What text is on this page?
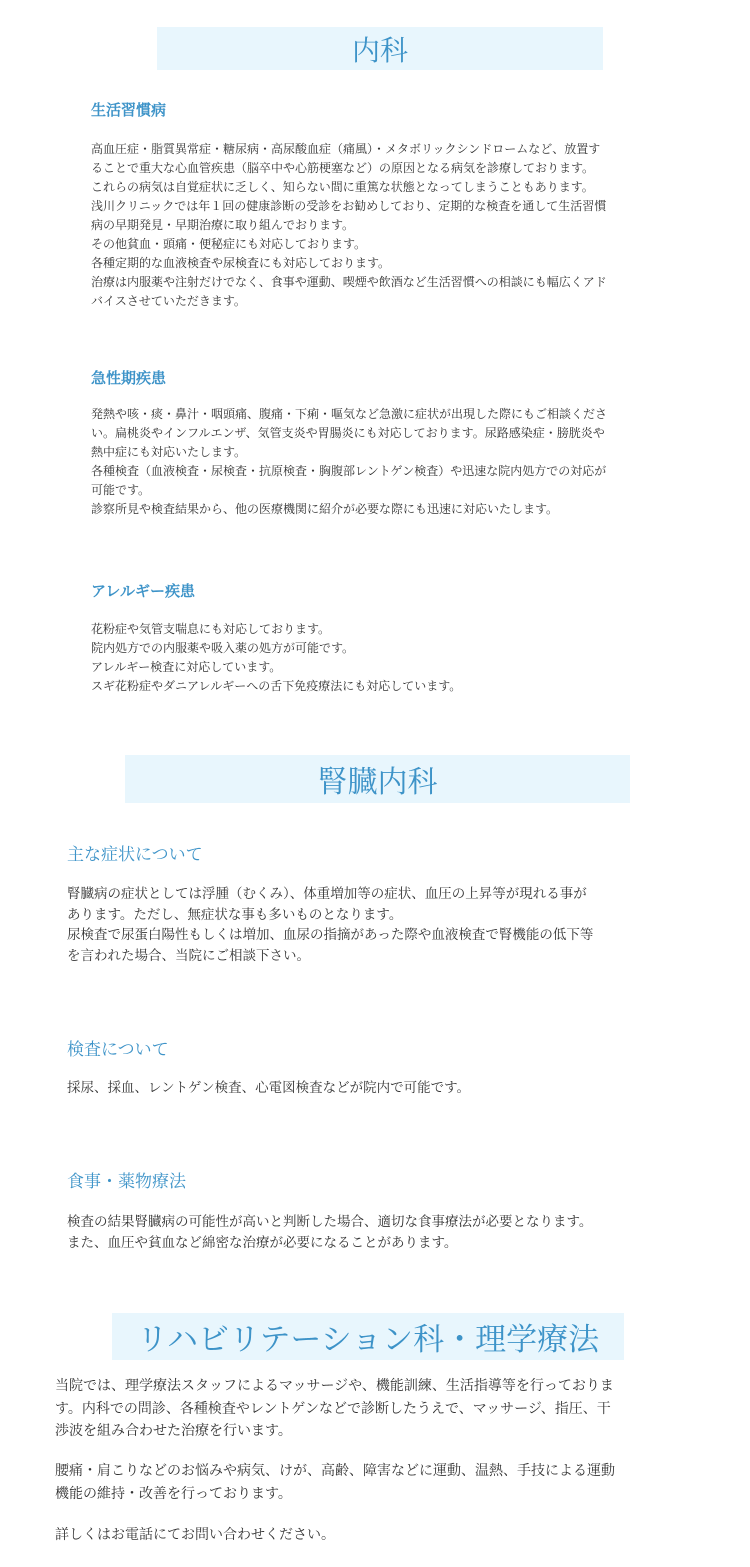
内科
生活習慣病

高血圧症・脂質異常症・糖尿病・高尿酸血症（痛風）・メタボリックシンドロームなど、放置す
ることで重大な心血管疾患（脳卒中や心筋梗塞など）の原因となる病気を診療しております。
これらの病気は自覚症状に乏しく、知らない間に重篤な状態となってしまうこともあります。
浅川クリニックでは年１回の健康診断の受診をお勧めしており、定期的な検査を通して生活習慣
病の早期発見・早期治療に取り組んでおります。
その他貧血・頭痛・便秘症にも対応しております。
各種定期的な血液検査や尿検査にも対応しております。
治療は内服薬や注射だけでなく、食事や運動、喫煙や飲酒など生活習慣への相談にも幅広くアド
バイスさせていただきます。

急性期疾患

発熱や咳・痰・鼻汁・咽頭痛、腹痛・下痢・嘔気など急激に症状が出現した際にもご相談くださ
い。扁桃炎やインフルエンザ、気管支炎や胃腸炎にも対応しております。尿路感染症・膀胱炎や
熱中症にも対応いたします。
各種検査（血液検査・尿検査・抗原検査・胸腹部レントゲン検査）や迅速な院内処方での対応が
可能です。
診察所見や検査結果から、他の医療機関に紹介が必要な際にも迅速に対応いたします。

アレルギー疾患

花粉症や気管支喘息にも対応しております。
院内処方での内服薬や吸入薬の処方が可能です。
アレルギー検査に対応しています。
スギ花粉症やダニアレルギーへの舌下免疫療法にも対応しています。

腎臓内科
主な症状について

腎臓病の症状としては浮腫（むくみ）、体重増加等の症状、血圧の上昇等が現れる事が
あります。ただし、無症状な事も多いものとなります。
尿検査で尿蛋白陽性もしくは増加、血尿の指摘があった際や血液検査で腎機能の低下等
を言われた場合、当院にご相談下さい。

検査について

採尿、採血、レントゲン検査、心電図検査などが院内で可能です。

食事・薬物療法

検査の結果腎臓病の可能性が高いと判断した場合、適切な食事療法が必要となります。
また、血圧や貧血など綿密な治療が必要になることがあります。

リハビリテーション科・理学療法

当院では、理学療法スタッフによるマッサージや、機能訓練、生活指導等を行っておりま
す。内科での問診、各種検査やレントゲンなどで診断したうえで、マッサージ、指圧、干
渉波を組み合わせた治療を行います。

腰痛・肩こりなどのお悩みや病気、けが、高齢、障害などに運動、温熱、手技による運動
機能の維持・改善を行っております。

詳しくはお電話にてお問い合わせください。
